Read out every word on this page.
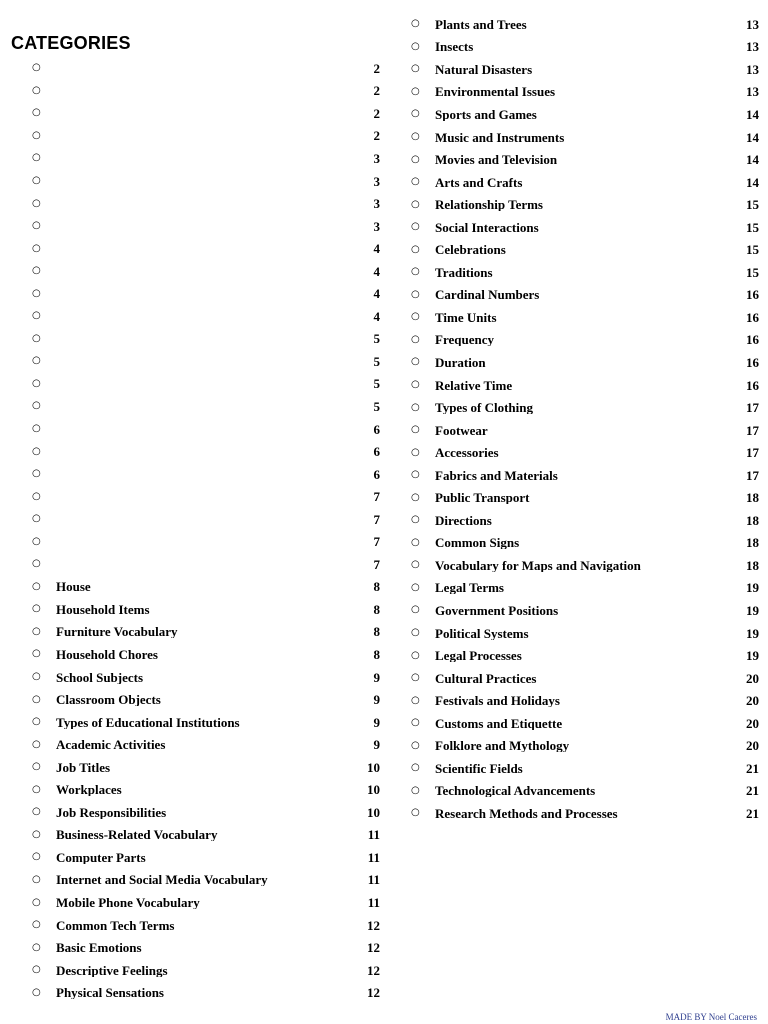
CATEGORIES
○	2
○	2
○	2
○	2
○	3
○	3
○	3
○	3
○	4
○	4
○	4
○	4
○	5
○	5
○	5
○	5
○	6
○	6
○	6
○	7
○	7
○	7
○	7
○	House	8
○	Household Items	8
○	Furniture Vocabulary	8
○	Household Chores	8
○	School Subjects	9
○	Classroom Objects	9
○	Types of Educational Institutions	9
○	Academic Activities	9
○	Job Titles	10
○	Workplaces	10
○	Job Responsibilities	10
○	Business-Related Vocabulary	11
○	Computer Parts	11
○	Internet and Social Media Vocabulary	11
○	Mobile Phone Vocabulary	11
○	Common Tech Terms	12
○	Basic Emotions	12
○	Descriptive Feelings	12
○	Physical Sensations	12
○	Plants and Trees	13
○	Insects	13
○	Natural Disasters	13
○	Environmental Issues	13
○	Sports and Games	14
○	Music and Instruments	14
○	Movies and Television	14
○	Arts and Crafts	14
○	Relationship Terms	15
○	Social Interactions	15
○	Celebrations	15
○	Traditions	15
○	Cardinal Numbers	16
○	Time Units	16
○	Frequency	16
○	Duration	16
○	Relative Time	16
○	Types of Clothing	17
○	Footwear	17
○	Accessories	17
○	Fabrics and Materials	17
○	Public Transport	18
○	Directions	18
○	Common Signs	18
○	Vocabulary for Maps and Navigation	18
○	Legal Terms	19
○	Government Positions	19
○	Political Systems	19
○	Legal Processes	19
○	Cultural Practices	20
○	Festivals and Holidays	20
○	Customs and Etiquette	20
○	Folklore and Mythology	20
○	Scientific Fields	21
○	Technological Advancements	21
○	Research Methods and Processes	21
MADE BY Noel Caceres
